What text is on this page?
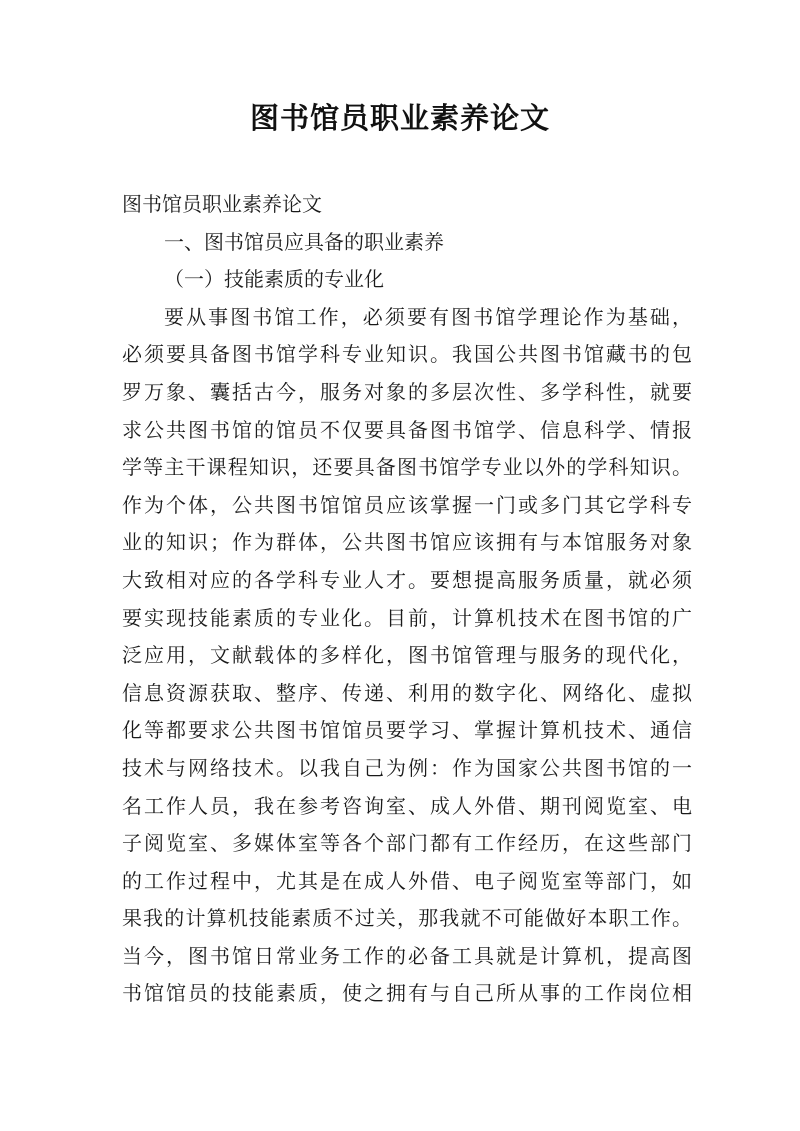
图书馆员职业素养论文
图书馆员职业素养论文
一、图书馆员应具备的职业素养
（一）技能素质的专业化
要从事图书馆工作，必须要有图书馆学理论作为基础，
必须要具备图书馆学科专业知识。我国公共图书馆藏书的包
罗万象、囊括古今，服务对象的多层次性、多学科性，就要
求公共图书馆的馆员不仅要具备图书馆学、信息科学、情报
学等主干课程知识，还要具备图书馆学专业以外的学科知识。
作为个体，公共图书馆馆员应该掌握一门或多门其它学科专
业的知识；作为群体，公共图书馆应该拥有与本馆服务对象
大致相对应的各学科专业人才。要想提高服务质量，就必须
要实现技能素质的专业化。目前，计算机技术在图书馆的广
泛应用，文献载体的多样化，图书馆管理与服务的现代化，
信息资源获取、整序、传递、利用的数字化、网络化、虚拟
化等都要求公共图书馆馆员要学习、掌握计算机技术、通信
技术与网络技术。以我自己为例：作为国家公共图书馆的一
名工作人员，我在参考咨询室、成人外借、期刊阅览室、电
子阅览室、多媒体室等各个部门都有工作经历，在这些部门
的工作过程中，尤其是在成人外借、电子阅览室等部门，如
果我的计算机技能素质不过关，那我就不可能做好本职工作。
当今，图书馆日常业务工作的必备工具就是计算机，提高图
书馆馆员的技能素质，使之拥有与自己所从事的工作岗位相
